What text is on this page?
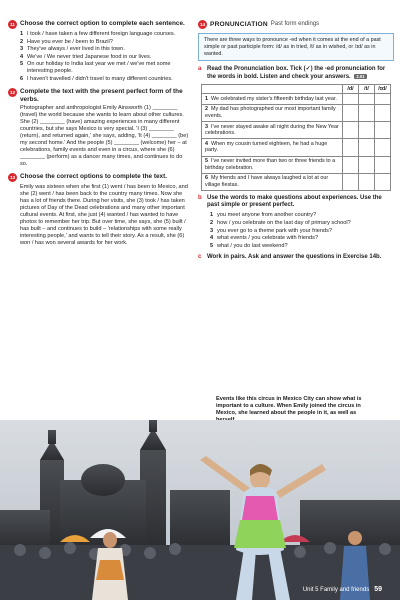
11 Choose the correct option to complete each sentence.
1 I took / have taken a few different foreign language courses.
2 Have you ever be / been to Brazil?
3 They've always / ever lived in this town.
4 We've / We never tried Japanese food in our lives.
5 On our holiday to India last year we met / we've met some interesting people.
6 I haven't travelled / didn't travel to many different countries.
12 Complete the text with the present perfect form of the verbs.

Photographer and anthropologist Emily Ainsworth (1) ________ (travel) the world because she wants to learn about other cultures. She (2) ________ (have) amazing experiences in many different countries, but she says Mexico is very special. 'I (3) ________ (return), and returned again,' she says, adding, 'It (4) ________ (be) my second home.' And the people (5) ________ (welcome) her – at celebrations, family events and even in a circus, where she (6) ________ (perform) as a dancer many times, and continues to do so.

13 Choose the correct options to complete the text.

Emily was sixteen when she first (1) went / has been to Mexico, and she (2) went / has been back to the country many times. Now she has a lot of friends there. During her visits, she (3) took / has taken pictures of Day of the Dead celebrations and many other important cultural events. At first, she just (4) wanted / has wanted to have photos to remember her trip. But over time, she says, she (5) built / has built – and continues to build – 'relationships with some really interesting people,' and wants to tell their story. As a result, she (6) won / has won several awards for her work.

14 PRONUNCIATION Past form endings
There are three ways to pronounce -ed when it comes at the end of a past simple or past participle form: /d/ as in tried, /t/ as in wished, or /ɪd/ as in wanted.
a Read the Pronunciation box. Tick (✓) the -ed pronunciation for the words in bold. Listen and check your answers. 2.01
	/d/	/t/	/ɪd/
1 We celebrated my sister's fifteenth birthday last year.			
2 My dad has photographed our most important family events.			
3 I've never stayed awake all night during the New Year celebrations.			
4 When my cousin turned eighteen, he had a huge party.			
5 I've never invited more than two or three friends to a birthday celebration.			
6 My friends and I have always laughed a lot at our village fiestas.			
b Use the words to make questions about experiences. Use the past simple or present perfect.
1 you meet anyone from another country?
2 how / you celebrate on the last day of primary school?
3 you ever go to a theme park with your friends?
4 what events / you celebrate with friends?
5 what / you do last weekend?
c Work in pairs. Ask and answer the questions in Exercise 14b.
Events like this circus in Mexico City can show what is important to a culture. When Emily joined the circus in Mexico, she learned about the people in it, as well as
Unit 5 Family and friends 59
